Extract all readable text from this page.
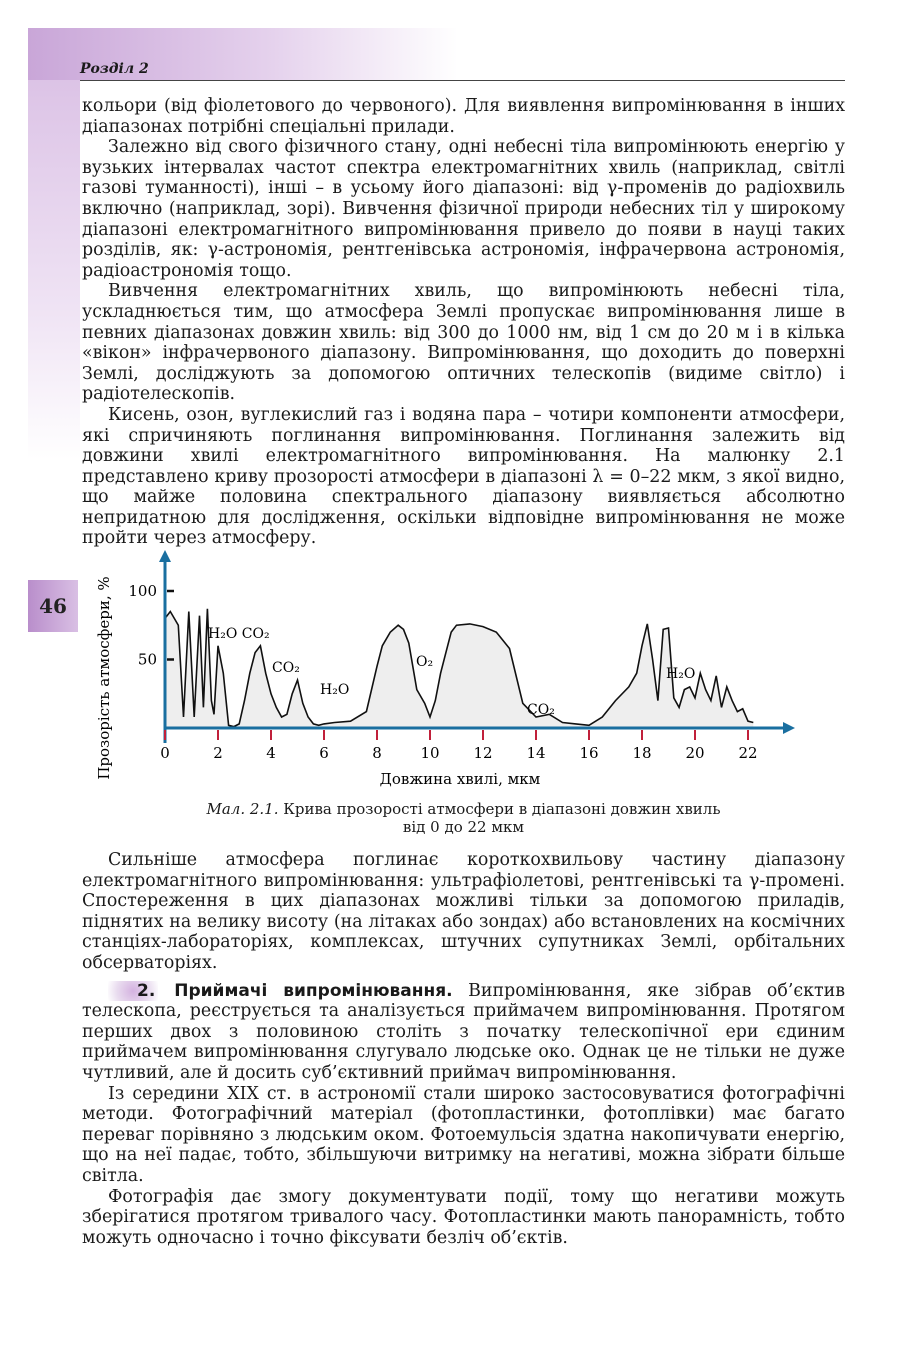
46
Розділ 2

кольори (від фіолетового до червоного). Для виявлення випромінювання в інших діапазонах потрібні спеціальні прилади.

Залежно від свого фізичного стану, одні небесні тіла випромінюють енергію у вузьких інтервалах частот спектра електромагнітних хвиль (наприклад, світлі газові туманності), інші – в усьому його діапазоні: від γ-променів до радіохвиль включно (наприклад, зорі). Вивчення фізичної природи небесних тіл у широкому діапазоні електромагнітного випромінювання привело до появи в науці таких розділів, як: γ-астрономія, рентгенівська астрономія, інфрачервона астрономія, радіоастрономія тощо.

Вивчення електромагнітних хвиль, що випромінюють небесні тіла, ускладнюється тим, що атмосфера Землі пропускає випромінювання лише в певних діапазонах довжин хвиль: від 300 до 1000 нм, від 1 см до 20 м і в кілька «вікон» інфрачервоного діапазону. Випромінювання, що доходить до поверхні Землі, досліджують за допомогою оптичних телескопів (видиме світло) і радіотелескопів.

Кисень, озон, вуглекислий газ і водяна пара – чотири компоненти атмосфери, які спричиняють поглинання випромінювання. Поглинання залежить від довжини хвилі електромагнітного випромінювання. На малюнку 2.1 представлено криву прозорості атмосфери в діапазоні λ = 0–22 мкм, з якої видно, що майже половина спектрального діапазону виявляється абсолютно непридатною для дослідження, оскільки відповідне випромінювання не може пройти через атмосферу.

0	2	4	6	8	10 12 14 16 18 20 22
50
100
Довжина хвилі, мкм
Прозорість атмосфери, %	H₂O CO₂
CO₂
H₂O
O₂
CO₂
H₂O
Мал. 2.1. Крива прозорості атмосфери в діапазоні довжин хвиль
від 0 до 22 мкм

Сильніше атмосфера поглинає короткохвильову частину діапазону електромагнітного випромінювання: ультрафіолетові, рентгенівські та γ-промені. Спостереження в цих діапазонах можливі тільки за допомогою приладів, піднятих на велику висоту (на літаках або зондах) або встановлених на космічних станціях-лабораторіях, комплексах, штучних супутниках Землі, орбітальних обсерваторіях.

2. Приймачі випромінювання. Випромінювання, яке зібрав об’єктив телескопа, реєструється та аналізується приймачем випромінювання. Протягом перших двох з половиною століть з початку телескопічної ери єдиним приймачем випромінювання слугувало людське око. Однак це не тільки не дуже чутливий, але й досить суб’єктивний приймач випромінювання.

Із середини XIX ст. в астрономії стали широко застосовуватися фотографічні методи. Фотографічний матеріал (фотопластинки, фотоплівки) має багато переваг порівняно з людським оком. Фотоемульсія здатна накопичувати енергію, що на неї падає, тобто, збільшуючи витримку на негативі, можна зібрати більше світла.

Фотографія дає змогу документувати події, тому що негативи можуть зберігатися протягом тривалого часу. Фотопластинки мають панорамність, тобто можуть одночасно і точно фіксувати безліч об’єктів.
